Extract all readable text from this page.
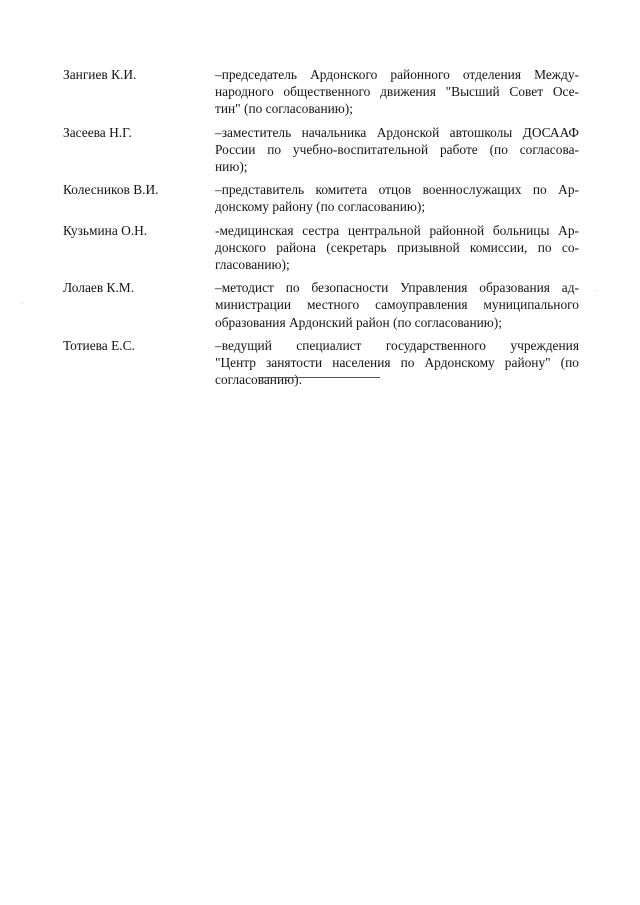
Зангиев К.И.	–председатель Ардонского районного отделения Между-
народного общественного движения "Высший Совет Осе-
тин" (по согласованию);
Засеева Н.Г.	–заместитель начальника Ардонской автошколы ДОСААФ
России по учебно-воспитательной работе (по согласова-
нию);
Колесников В.И.	–представитель комитета отцов военнослужащих по Ар-
донскому району (по согласованию);
Кузьмина О.Н.	-медицинская сестра центральной районной больницы Ар-
донского района (секретарь призывной комиссии, по со-
гласованию);
Лолаев К.М.	–методист по безопасности Управления образования ад-
министрации местного самоуправления муниципального
образования Ардонский район (по согласованию);
Тотиева Е.С.	–ведущий специалист государственного учреждения
"Центр занятости населения по Ардонскому району" (по
согласованию).
